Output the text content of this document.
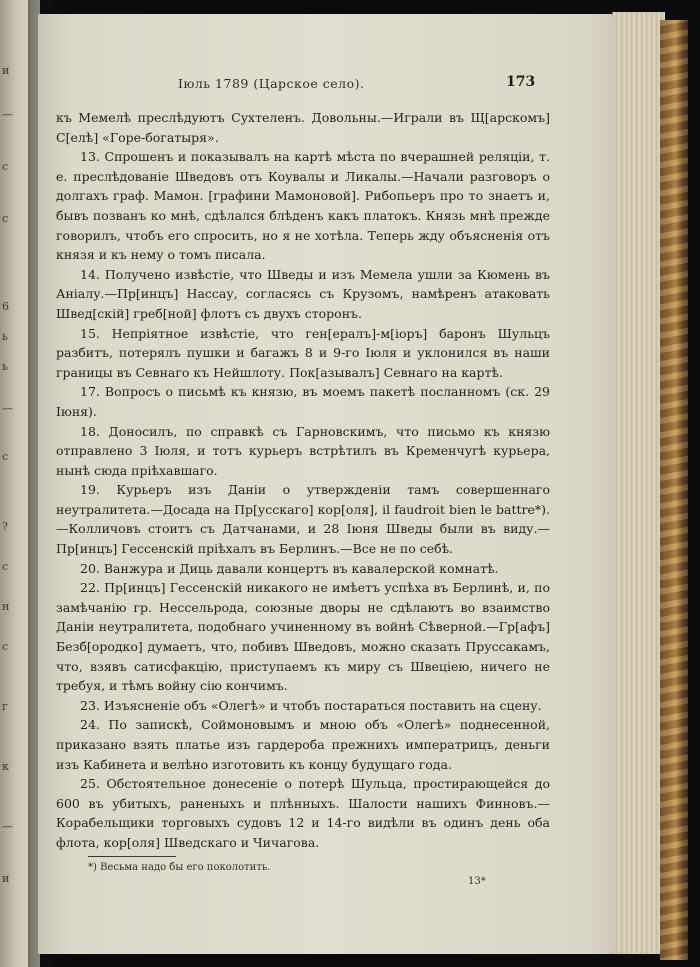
и
—
с
с
6
ь
ь
—
с
?
с
н
с
г
к
—
и
Іюль 1789 (Царское село).	173

къ Мемелѣ преслѣдуютъ Сухтеленъ. Довольны.—Играли въ Щ[арскомъ] С[елѣ] «Горе-богатыря».

13. Спрошенъ и показывалъ на картѣ мѣста по вчерашней реляціи, т. е. преслѣдованіе Шведовъ отъ Коувалы и Ликалы.—Начали разговоръ о долгахъ граф. Мамон. [графини Мамоновой]. Рибопьеръ про то знаетъ и, бывъ позванъ ко мнѣ, сдѣлался блѣденъ какъ платокъ. Князь мнѣ прежде говорилъ, чтобъ его спросить, но я не хотѣла. Теперь жду объясненія отъ князя и къ нему о томъ писала.

14. Получено извѣстіе, что Шведы и изъ Мемела ушли за Кюмень въ Аніалу.—Пр[инцъ] Нассау, согласясь съ Крузомъ, намѣренъ атаковать Швед[скій] греб[ной] флотъ съ двухъ сторонъ.

15. Непріятное извѣстіе, что ген[ералъ]-м[іоръ] баронъ Шульцъ разбитъ, потерялъ пушки и багажъ 8 и 9-го Іюля и уклонился въ наши границы въ Севнаго къ Нейшлоту. Пок[азывалъ] Севнаго на картѣ.

17. Вопросъ о письмѣ къ князю, въ моемъ пакетѣ посланномъ (ск. 29 Іюня).

18. Доносилъ, по справкѣ съ Гарновскимъ, что письмо къ князю отправлено 3 Іюля, и тотъ курьеръ встрѣтилъ въ Кременчугѣ курьера, нынѣ сюда пріѣхавшаго.

19. Курьеръ изъ Даніи о утвержденіи тамъ совершеннаго неутралитета.—Досада на Пр[усскаго] кор[оля], il faudroit bien le battre*).—Колличовъ стоитъ съ Датчанами, и 28 Іюня Шведы были въ виду.—Пр[инцъ] Гессенскій пріѣхалъ въ Берлинъ.—Все не по себѣ.

20. Ванжура и Диць давали концертъ въ кавалерской комнатѣ.

22. Пр[инцъ] Гессенскій никакого не имѣетъ успѣха въ Берлинѣ, и, по замѣчанію гр. Нессельрода, союзные дворы не сдѣлаютъ во взаимство Даніи неутралитета, подобнаго учиненному въ войнѣ Сѣверной.—Гр[афъ] Безб[ородко] думаетъ, что, побивъ Шведовъ, можно сказать Пруссакамъ, что, взявъ сатисфакцію, приступаемъ къ миру съ Швеціею, ничего не требуя, и тѣмъ войну сію кончимъ.

23. Изъясненіе объ «Олегѣ» и чтобъ постараться поставить на сцену.

24. По запискѣ, Соймоновымъ и мною объ «Олегѣ» поднесенной, приказано взять платье изъ гардероба прежнихъ императрицъ, деньги изъ Кабинета и велѣно изготовить къ концу будущаго года.

25. Обстоятельное донесеніе о потерѣ Шульца, простирающейся до 600 въ убитыхъ, раненыхъ и плѣнныхъ. Шалости нашихъ Финновъ.—Корабельщики торговыхъ судовъ 12 и 14-го видѣли въ одинъ день оба флота, кор[оля] Шведскаго и Чичагова.

*) Весьма надо бы его поколотить.
13*
